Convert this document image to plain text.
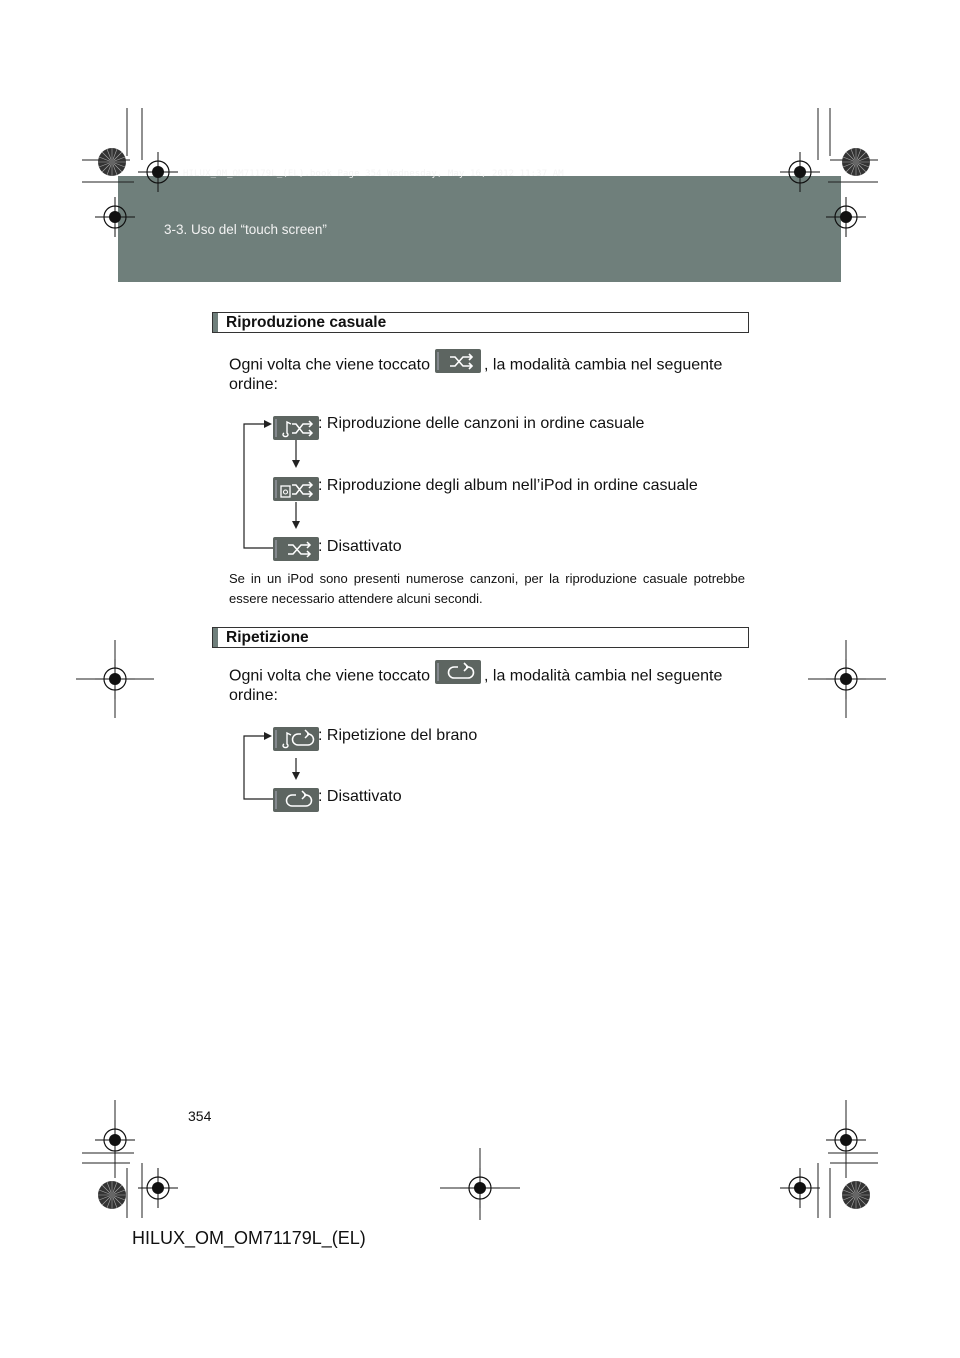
HILUX_OM_OM71179L_(EL).book Page 354 Wednesday, May 16, 2012 11:37 AM
3-3. Uso del “touch screen”
Riproduzione casuale
Ogni volta che viene toccato	, la modalità cambia nel seguente
ordine:
: Riproduzione delle canzoni in ordine casuale
: Riproduzione degli album nell’iPod in ordine casuale
: Disattivato
Se in un iPod sono presenti numerose canzoni, per la riproduzione casuale potrebbe essere necessario attendere alcuni secondi.
Ripetizione
Ogni volta che viene toccato	, la modalità cambia nel seguente
ordine:
: Ripetizione del brano
: Disattivato
354
HILUX_OM_OM71179L_(EL)
